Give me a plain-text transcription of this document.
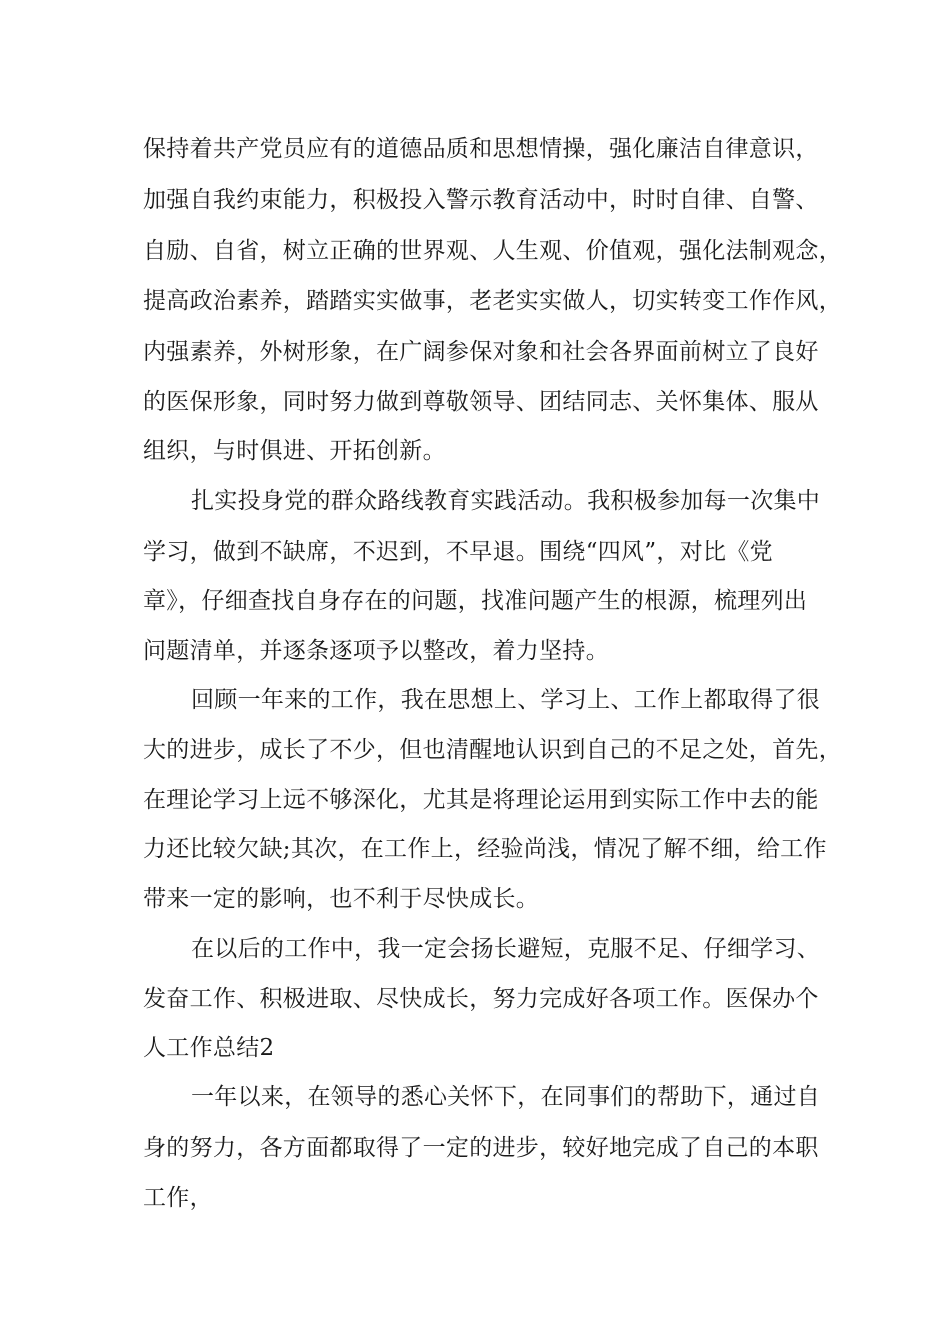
保持着共产党员应有的道德品质和思想情操，强化廉洁自律意识，
加强自我约束能力，积极投入警示教育活动中，时时自律、自警、
自励、自省，树立正确的世界观、人生观、价值观，强化法制观念，
提高政治素养，踏踏实实做事，老老实实做人，切实转变工作作风，
内强素养，外树形象，在广阔参保对象和社会各界面前树立了良好
的医保形象，同时努力做到尊敬领导、团结同志、关怀集体、服从
组织，与时俱进、开拓创新。
扎实投身党的群众路线教育实践活动。我积极参加每一次集中
学习，做到不缺席，不迟到，不早退。围绕“四风”，对比《党
章》，仔细查找自身存在的问题，找准问题产生的根源，梳理列出
问题清单，并逐条逐项予以整改，着力坚持。
回顾一年来的工作，我在思想上、学习上、工作上都取得了很
大的进步，成长了不少，但也清醒地认识到自己的不足之处，首先，
在理论学习上远不够深化，尤其是将理论运用到实际工作中去的能
力还比较欠缺;其次，在工作上，经验尚浅，情况了解不细，给工作
带来一定的影响，也不利于尽快成长。
在以后的工作中，我一定会扬长避短，克服不足、仔细学习、
发奋工作、积极进取、尽快成长，努力完成好各项工作。医保办个
人工作总结2
一年以来，在领导的悉心关怀下，在同事们的帮助下，通过自
身的努力，各方面都取得了一定的进步，较好地完成了自己的本职
工作，
